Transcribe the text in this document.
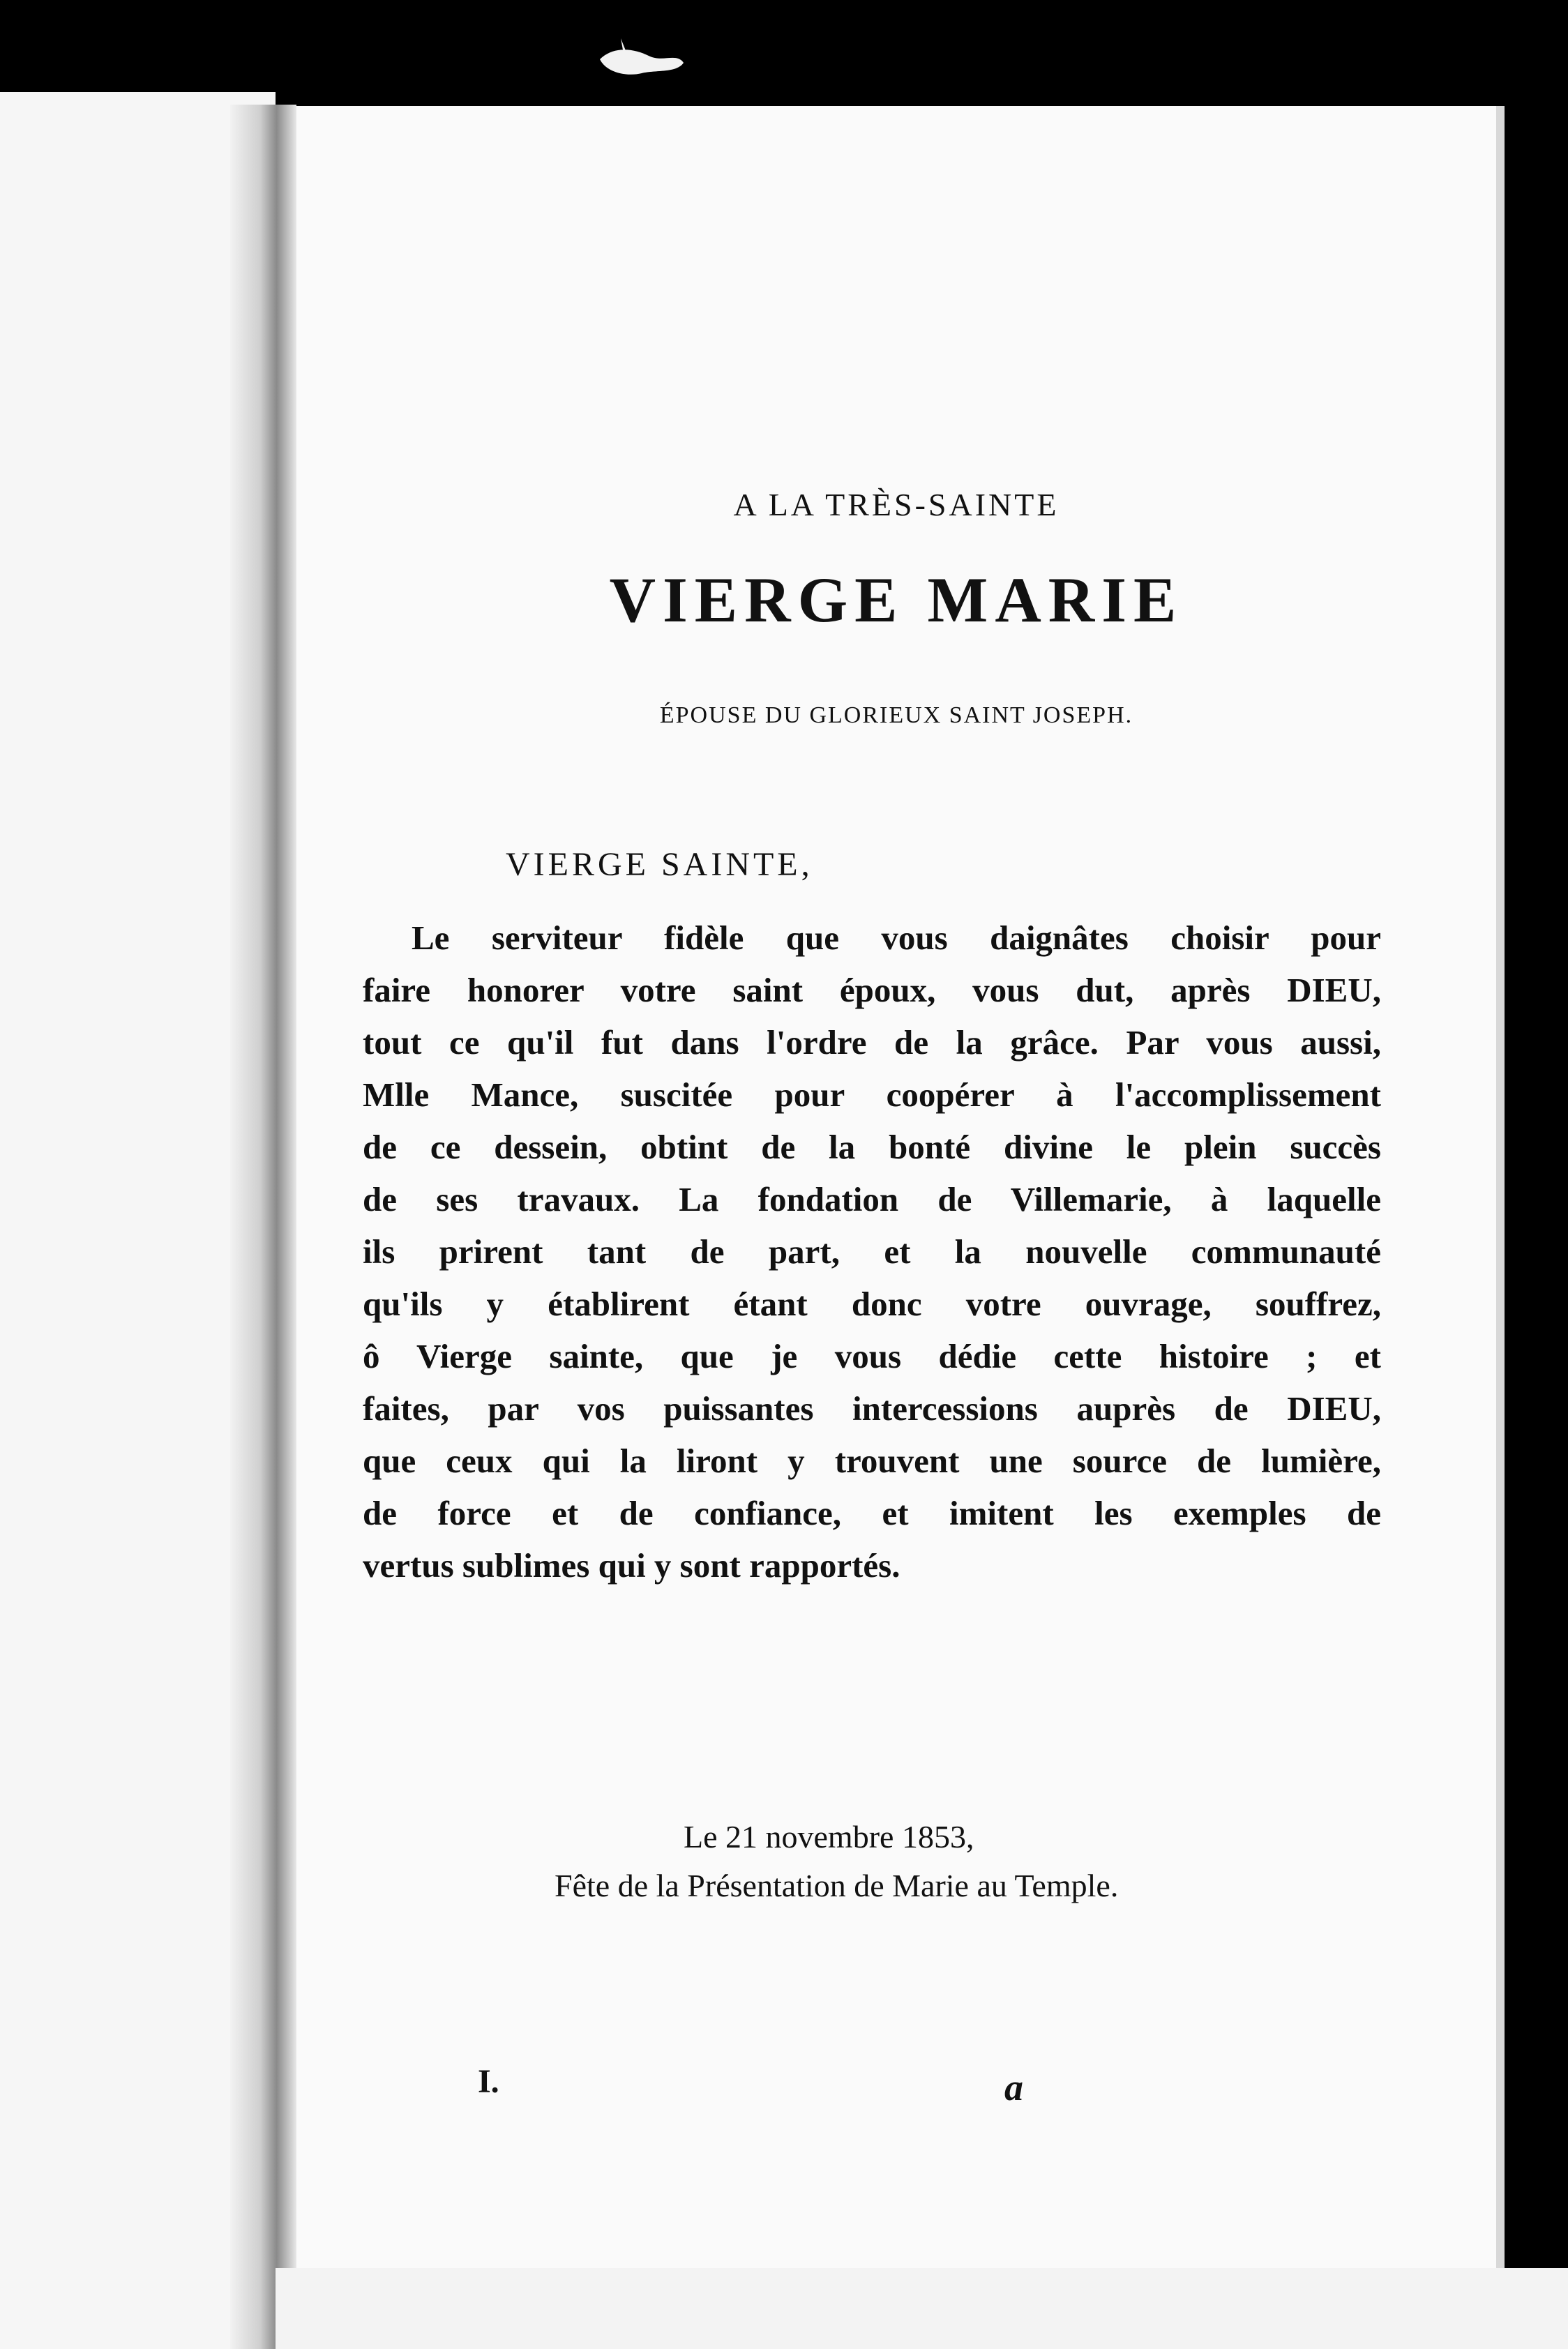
A LA TRÈS-SAINTE
VIERGE MARIE
ÉPOUSE DU GLORIEUX SAINT JOSEPH.
VIERGE SAINTE,
Le serviteur fidèle que vous daignâtes choisir pour
faire honorer votre saint époux, vous dut, après DIEU,
tout ce qu'il fut dans l'ordre de la grâce. Par vous aussi,
Mlle Mance, suscitée pour coopérer à l'accomplissement
de ce dessein, obtint de la bonté divine le plein succès
de ses travaux. La fondation de Villemarie, à laquelle
ils prirent tant de part, et la nouvelle communauté
qu'ils y établirent étant donc votre ouvrage, souffrez,
ô Vierge sainte, que je vous dédie cette histoire ; et
faites, par vos puissantes intercessions auprès de DIEU,
que ceux qui la liront y trouvent une source de lumière,
de force et de confiance, et imitent les exemples de
vertus sublimes qui y sont rapportés.
Le 21 novembre 1853,
Fête de la Présentation de Marie au Temple.
I.	a
